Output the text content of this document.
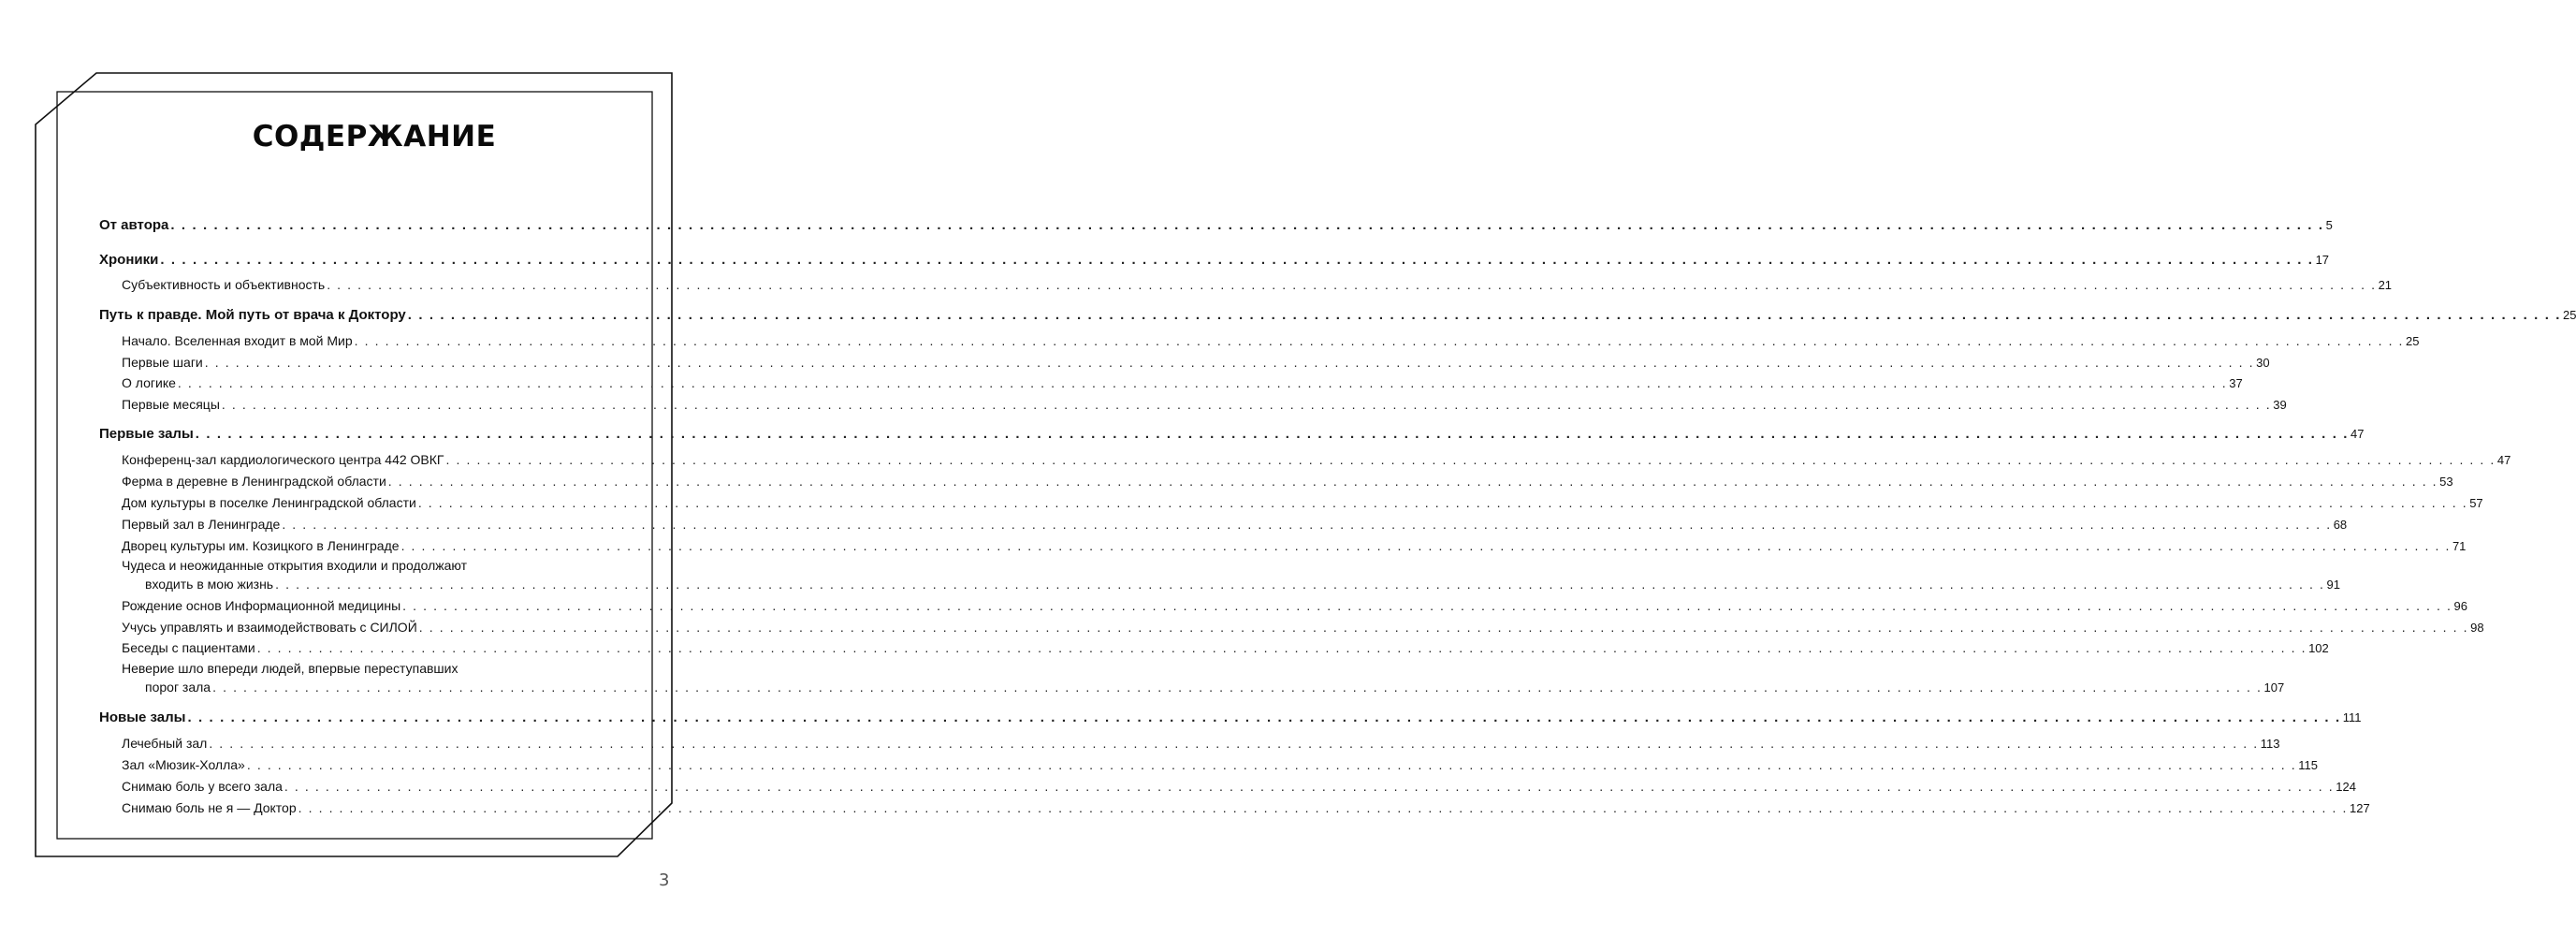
СОДЕРЖАНИЕ
От автора . . . . . . . . . . . . . . . . . . . . . . . . . . . . . . . . . . . . . . . . . . . . . . . . . . . . . . . . . . . . . . . . . . . . . . . . . . . . . . . . . . . . . . . . . . . . . . . . . . . . . . . . . . . . . . . . . . . . . . . . . . . . . . . . . . . . . . . . . . . . . . . . . . . . . . . . . . . . . . . . . . . . . . . . . . . . . . . . . . . . . . . . . . . . . . . . . . . . . . . . 5
Хроники . . . . . . . . . . . . . . . . . . . . . . . . . . . . . . . . . . . . . . . . . . . . . . . . . . . . . . . . . . . . . . . . . . . . . . . . . . . . . . . . . . . . . . . . . . . . . . . . . . . . . . . . . . . . . . . . . . . . . . . . . . . . . . . . . . . . . . . . . . . . . . . . . . . . . . . . . . . . . . . . . . . . . . . . . . . . . . . . . . . . . . . . . . . . . . . . . . . . . . . . 17
Субъективность и объективность . . . . . . . . . . . . . . . . . . . . . . . . . . . . . . . . . . . . . . . . . . . . . . . . . . . . . . . . . . . . . . . . . . . . . . . . . . . . . . . . . . . . . . . . . . . . . . . . . . . . . . . . . . . . . . . . . . . . . . . . . . . . . . . . . . . . . . . . . . . . . . . . . . . . . . . . . . . . . . . . . . . . . . . . . . . . . . . . . . . . . . . . . . . . . . . . . . . . . . . . 21
Путь к правде. Мой путь от врача к Доктору . . . . . . . . . . . . . . . . . . . . . . . . . . . . . . . . . . . . . . . . . . . . . . . . . . . . . . . . . . . . . . . . . . . . . . . . . . . . . . . . . . . . . . . . . . . . . . . . . . . . . . . . . . . . . . . . . . . . . . . . . . . . . . . . . . . . . . . . . . . . . . . . . . . . . . . . . . . . . . . . . . . . . . . . . . . . . . . . . . . . . . . . . . . . . . . . . . . . . . . . 25
Начало. Вселенная входит в мой Мир . . . . . . . . . . . . . . . . . . . . . . . . . . . . . . . . . . . . . . . . . . . . . . . . . . . . . . . . . . . . . . . . . . . . . . . . . . . . . . . . . . . . . . . . . . . . . . . . . . . . . . . . . . . . . . . . . . . . . . . . . . . . . . . . . . . . . . . . . . . . . . . . . . . . . . . . . . . . . . . . . . . . . . . . . . . . . . . . . . . . . . . . . . . . . . . . . . . . . . . . 25
Первые шаги . . . . . . . . . . . . . . . . . . . . . . . . . . . . . . . . . . . . . . . . . . . . . . . . . . . . . . . . . . . . . . . . . . . . . . . . . . . . . . . . . . . . . . . . . . . . . . . . . . . . . . . . . . . . . . . . . . . . . . . . . . . . . . . . . . . . . . . . . . . . . . . . . . . . . . . . . . . . . . . . . . . . . . . . . . . . . . . . . . . . . . . . . . . . . . . . . . . . . . . . 30
О логике . . . . . . . . . . . . . . . . . . . . . . . . . . . . . . . . . . . . . . . . . . . . . . . . . . . . . . . . . . . . . . . . . . . . . . . . . . . . . . . . . . . . . . . . . . . . . . . . . . . . . . . . . . . . . . . . . . . . . . . . . . . . . . . . . . . . . . . . . . . . . . . . . . . . . . . . . . . . . . . . . . . . . . . . . . . . . . . . . . . . . . . . . . . . . . . . . . . . . . . . 37
Первые месяцы . . . . . . . . . . . . . . . . . . . . . . . . . . . . . . . . . . . . . . . . . . . . . . . . . . . . . . . . . . . . . . . . . . . . . . . . . . . . . . . . . . . . . . . . . . . . . . . . . . . . . . . . . . . . . . . . . . . . . . . . . . . . . . . . . . . . . . . . . . . . . . . . . . . . . . . . . . . . . . . . . . . . . . . . . . . . . . . . . . . . . . . . . . . . . . . . . . . . . . . . 39
Первые залы . . . . . . . . . . . . . . . . . . . . . . . . . . . . . . . . . . . . . . . . . . . . . . . . . . . . . . . . . . . . . . . . . . . . . . . . . . . . . . . . . . . . . . . . . . . . . . . . . . . . . . . . . . . . . . . . . . . . . . . . . . . . . . . . . . . . . . . . . . . . . . . . . . . . . . . . . . . . . . . . . . . . . . . . . . . . . . . . . . . . . . . . . . . . . . . . . . . . . . . . 47
Конференц-зал кардиологического центра 442 ОВКГ . . . . . . . . . . . . . . . . . . . . . . . . . . . . . . . . . . . . . . . . . . . . . . . . . . . . . . . . . . . . . . . . . . . . . . . . . . . . . . . . . . . . . . . . . . . . . . . . . . . . . . . . . . . . . . . . . . . . . . . . . . . . . . . . . . . . . . . . . . . . . . . . . . . . . . . . . . . . . . . . . . . . . . . . . . . . . . . . . . . . . . . . . . . . . . . . . . . . . . . . 47
Ферма в деревне в Ленинградской области . . . . . . . . . . . . . . . . . . . . . . . . . . . . . . . . . . . . . . . . . . . . . . . . . . . . . . . . . . . . . . . . . . . . . . . . . . . . . . . . . . . . . . . . . . . . . . . . . . . . . . . . . . . . . . . . . . . . . . . . . . . . . . . . . . . . . . . . . . . . . . . . . . . . . . . . . . . . . . . . . . . . . . . . . . . . . . . . . . . . . . . . . . . . . . . . . . . . . . . . 53
Дом культуры в поселке Ленинградской области . . . . . . . . . . . . . . . . . . . . . . . . . . . . . . . . . . . . . . . . . . . . . . . . . . . . . . . . . . . . . . . . . . . . . . . . . . . . . . . . . . . . . . . . . . . . . . . . . . . . . . . . . . . . . . . . . . . . . . . . . . . . . . . . . . . . . . . . . . . . . . . . . . . . . . . . . . . . . . . . . . . . . . . . . . . . . . . . . . . . . . . . . . . . . . . . . . . . . . . . 57
Первый зал в Ленинграде . . . . . . . . . . . . . . . . . . . . . . . . . . . . . . . . . . . . . . . . . . . . . . . . . . . . . . . . . . . . . . . . . . . . . . . . . . . . . . . . . . . . . . . . . . . . . . . . . . . . . . . . . . . . . . . . . . . . . . . . . . . . . . . . . . . . . . . . . . . . . . . . . . . . . . . . . . . . . . . . . . . . . . . . . . . . . . . . . . . . . . . . . . . . . . . . . . . . . . . . 68
Дворец культуры им. Козицкого в Ленинграде . . . . . . . . . . . . . . . . . . . . . . . . . . . . . . . . . . . . . . . . . . . . . . . . . . . . . . . . . . . . . . . . . . . . . . . . . . . . . . . . . . . . . . . . . . . . . . . . . . . . . . . . . . . . . . . . . . . . . . . . . . . . . . . . . . . . . . . . . . . . . . . . . . . . . . . . . . . . . . . . . . . . . . . . . . . . . . . . . . . . . . . . . . . . . . . . . . . . . . . . 71
Чудеса и неожиданные открытия входили и продолжают
входить в мою жизнь . . . . . . . . . . . . . . . . . . . . . . . . . . . . . . . . . . . . . . . . . . . . . . . . . . . . . . . . . . . . . . . . . . . . . . . . . . . . . . . . . . . . . . . . . . . . . . . . . . . . . . . . . . . . . . . . . . . . . . . . . . . . . . . . . . . . . . . . . . . . . . . . . . . . . . . . . . . . . . . . . . . . . . . . . . . . . . . . . . . . . . . . . . . . . . . . . . . . . . . . 91
Рождение основ Информационной медицины . . . . . . . . . . . . . . . . . . . . . . . . . . . . . . . . . . . . . . . . . . . . . . . . . . . . . . . . . . . . . . . . . . . . . . . . . . . . . . . . . . . . . . . . . . . . . . . . . . . . . . . . . . . . . . . . . . . . . . . . . . . . . . . . . . . . . . . . . . . . . . . . . . . . . . . . . . . . . . . . . . . . . . . . . . . . . . . . . . . . . . . . . . . . . . . . . . . . . . . . 96
Учусь управлять и взаимодействовать с СИЛОЙ . . . . . . . . . . . . . . . . . . . . . . . . . . . . . . . . . . . . . . . . . . . . . . . . . . . . . . . . . . . . . . . . . . . . . . . . . . . . . . . . . . . . . . . . . . . . . . . . . . . . . . . . . . . . . . . . . . . . . . . . . . . . . . . . . . . . . . . . . . . . . . . . . . . . . . . . . . . . . . . . . . . . . . . . . . . . . . . . . . . . . . . . . . . . . . . . . . . . . . . . 98
Беседы с пациентами . . . . . . . . . . . . . . . . . . . . . . . . . . . . . . . . . . . . . . . . . . . . . . . . . . . . . . . . . . . . . . . . . . . . . . . . . . . . . . . . . . . . . . . . . . . . . . . . . . . . . . . . . . . . . . . . . . . . . . . . . . . . . . . . . . . . . . . . . . . . . . . . . . . . . . . . . . . . . . . . . . . . . . . . . . . . . . . . . . . . . . . . . . . . . . . . . . . . . . . . 102
Неверие шло впереди людей, впервые переступавших
порог зала . . . . . . . . . . . . . . . . . . . . . . . . . . . . . . . . . . . . . . . . . . . . . . . . . . . . . . . . . . . . . . . . . . . . . . . . . . . . . . . . . . . . . . . . . . . . . . . . . . . . . . . . . . . . . . . . . . . . . . . . . . . . . . . . . . . . . . . . . . . . . . . . . . . . . . . . . . . . . . . . . . . . . . . . . . . . . . . . . . . . . . . . . . . . . . . . . . . . . . . . 107
Новые залы . . . . . . . . . . . . . . . . . . . . . . . . . . . . . . . . . . . . . . . . . . . . . . . . . . . . . . . . . . . . . . . . . . . . . . . . . . . . . . . . . . . . . . . . . . . . . . . . . . . . . . . . . . . . . . . . . . . . . . . . . . . . . . . . . . . . . . . . . . . . . . . . . . . . . . . . . . . . . . . . . . . . . . . . . . . . . . . . . . . . . . . . . . . . . . . . . . . . . . . . 111
Лечебный зал . . . . . . . . . . . . . . . . . . . . . . . . . . . . . . . . . . . . . . . . . . . . . . . . . . . . . . . . . . . . . . . . . . . . . . . . . . . . . . . . . . . . . . . . . . . . . . . . . . . . . . . . . . . . . . . . . . . . . . . . . . . . . . . . . . . . . . . . . . . . . . . . . . . . . . . . . . . . . . . . . . . . . . . . . . . . . . . . . . . . . . . . . . . . . . . . . . . . . . . . 113
Зал «Мюзик-Холла» . . . . . . . . . . . . . . . . . . . . . . . . . . . . . . . . . . . . . . . . . . . . . . . . . . . . . . . . . . . . . . . . . . . . . . . . . . . . . . . . . . . . . . . . . . . . . . . . . . . . . . . . . . . . . . . . . . . . . . . . . . . . . . . . . . . . . . . . . . . . . . . . . . . . . . . . . . . . . . . . . . . . . . . . . . . . . . . . . . . . . . . . . . . . . . . . . . . . . . . . 115
Снимаю боль у всего зала . . . . . . . . . . . . . . . . . . . . . . . . . . . . . . . . . . . . . . . . . . . . . . . . . . . . . . . . . . . . . . . . . . . . . . . . . . . . . . . . . . . . . . . . . . . . . . . . . . . . . . . . . . . . . . . . . . . . . . . . . . . . . . . . . . . . . . . . . . . . . . . . . . . . . . . . . . . . . . . . . . . . . . . . . . . . . . . . . . . . . . . . . . . . . . . . . . . . . . . . 124
Снимаю боль не я — Доктор . . . . . . . . . . . . . . . . . . . . . . . . . . . . . . . . . . . . . . . . . . . . . . . . . . . . . . . . . . . . . . . . . . . . . . . . . . . . . . . . . . . . . . . . . . . . . . . . . . . . . . . . . . . . . . . . . . . . . . . . . . . . . . . . . . . . . . . . . . . . . . . . . . . . . . . . . . . . . . . . . . . . . . . . . . . . . . . . . . . . . . . . . . . . . . . . . . . . . . . . 127
3
